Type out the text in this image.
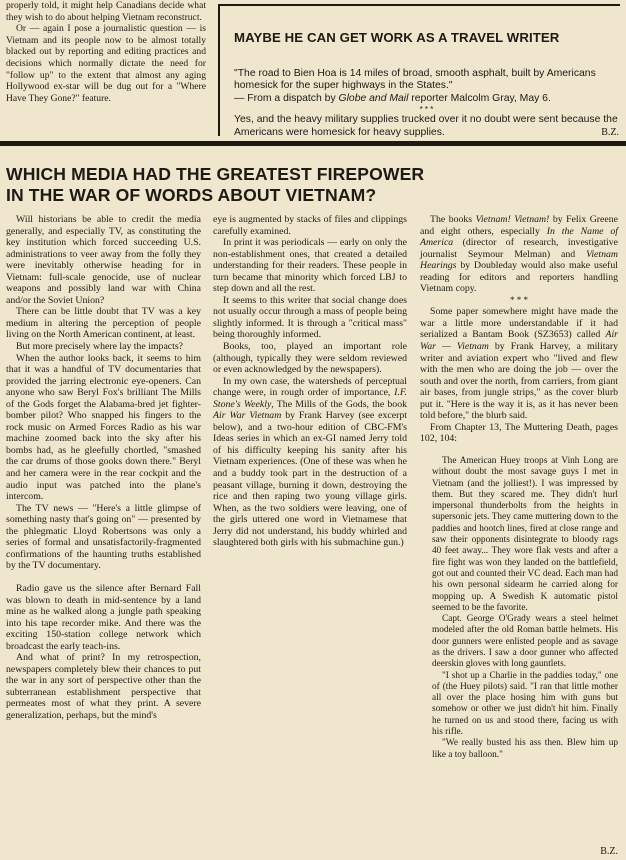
properly told, it might help Canadians decide what they wish to do about helping Vietnam reconstruct.

Or — again I pose a journalistic question — is Vietnam and its people now to be almost totally blacked out by reporting and editing practices and decisions which normally dictate the need for "follow up" to the extent that almost any aging Hollywood ex-star will be dug out for a "Where Have They Gone?" feature.

MAYBE HE CAN GET WORK AS A TRAVEL WRITER

"The road to Bien Hoa is 14 miles of broad, smooth asphalt, built by Americans homesick for the super highways in the States."

— From a dispatch by Globe and Mail reporter Malcolm Gray, May 6.

* * *

Yes, and the heavy military supplies trucked over it no doubt were sent because the Americans were homesick for heavy supplies.	B.Z.

WHICH MEDIA HAD THE GREATEST FIREPOWER
IN THE WAR OF WORDS ABOUT VIETNAM?

Will historians be able to credit the media generally, and especially TV, as constituting the key institution which forced succeeding U.S. administrations to veer away from the folly they were inevitably otherwise heading for in Vietnam: full-scale genocide, use of nuclear weapons and possibly land war with China and/or the Soviet Union?

There can be little doubt that TV was a key medium in altering the perception of people living on the North American continent, at least.

But more precisely where lay the impacts?

When the author looks back, it seems to him that it was a handful of TV documentaries that provided the jarring electronic eye-openers. Can anyone who saw Beryl Fox's brilliant The Mills of the Gods forget the Alabama-bred jet fighter-bomber pilot? Who snapped his fingers to the rock music on Armed Forces Radio as his war machine zoomed back into the sky after his bombs had, as he gleefully chortled, "smashed the car drums of those gooks down there." Beryl and her camera were in the rear cockpit and the audio input was patched into the plane's intercom.

The TV news — "Here's a little glimpse of something nasty that's going on" — presented by the phlegmatic Lloyd Robertsons was only a series of formal and unsatisfactorily-fragmented confirmations of the haunting truths established by the TV documentary.

Radio gave us the silence after Bernard Fall was blown to death in mid-sentence by a land mine as he walked along a jungle path speaking into his tape recorder mike. And there was the exciting 150-station college network which broadcast the early teach-ins.

And what of print? In my retrospection, newspapers completely blew their chances to put the war in any sort of perspective other than the subterranean establishment perspective that permeates most of what they print. A severe generalization, perhaps, but the mind's

eye is augmented by stacks of files and clippings carefully examined.

In print it was periodicals — early on only the non-establishment ones, that created a detailed understanding for their readers. These people in turn became that minority which forced LBJ to step down and all the rest.

It seems to this writer that social change does not usually occur through a mass of people being slightly informed. It is through a "critical mass" being thoroughly informed.

Books, too, played an important role (although, typically they were seldom reviewed or even acknowledged by the newspapers).

In my own case, the watersheds of perceptual change were, in rough order of importance, I.F. Stone's Weekly, The Mills of the Gods, the book Air War Vietnam by Frank Harvey (see excerpt below), and a two-hour edition of CBC-FM's Ideas series in which an ex-GI named Jerry told of his difficulty keeping his sanity after his Vietnam experiences. (One of these was when he and a buddy took part in the destruction of a peasant village, burning it down, destroying the rice and then raping two young village girls. When, as the two soldiers were leaving, one of the girls uttered one word in Vietnamese that Jerry did not understand, his buddy whirled and slaughtered both girls with his submachine gun.)

The books Vietnam! Vietnam! by Felix Greene and eight others, especially In the Name of America (director of research, investigative journalist Seymour Melman) and Vietnam Hearings by Doubleday would also make useful reading for editors and reporters handling Vietnam copy.

* * *

Some paper somewhere might have made the war a little more understandable if it had serialized a Bantam Book (SZ3653) called Air War — Vietnam by Frank Harvey, a military writer and aviation expert who "lived and flew with the men who are doing the job — over the south and over the north, from carriers, from giant air bases, from jungle strips," as the cover blurb put it. "Here is the way it is, as it has never been told before," the blurb said.

From Chapter 13, The Muttering Death, pages 102, 104:

The American Huey troops at Vinh Long are without doubt the most savage guys I met in Vietnam (and the jolliest!). I was impressed by them. But they scared me. They didn't hurl impersonal thunderbolts from the heights in supersonic jets. They came muttering down to the paddies and hootch lines, fired at close range and saw their opponents disintegrate to bloody rags 40 feet away... They wore flak vests and after a fire fight was won they landed on the battlefield, got out and counted their VC dead. Each man had his own personal sidearm he carried along for mopping up. A Swedish K automatic pistol seemed to be the favorite.

Capt. George O'Grady wears a steel helmet modeled after the old Roman battle helmets. His door gunners were enlisted people and as savage as the drivers. I saw a door gunner who affected deerskin gloves with long gauntlets.

"I shot up a Charlie in the paddies today," one of (the Huey pilots) said. "I ran that little mother all over the place hosing him with guns but somehow or other we just didn't hit him. Finally he turned on us and stood there, facing us with his rifle.

"We really busted his ass then. Blew him up like a toy balloon."

B.Z.
